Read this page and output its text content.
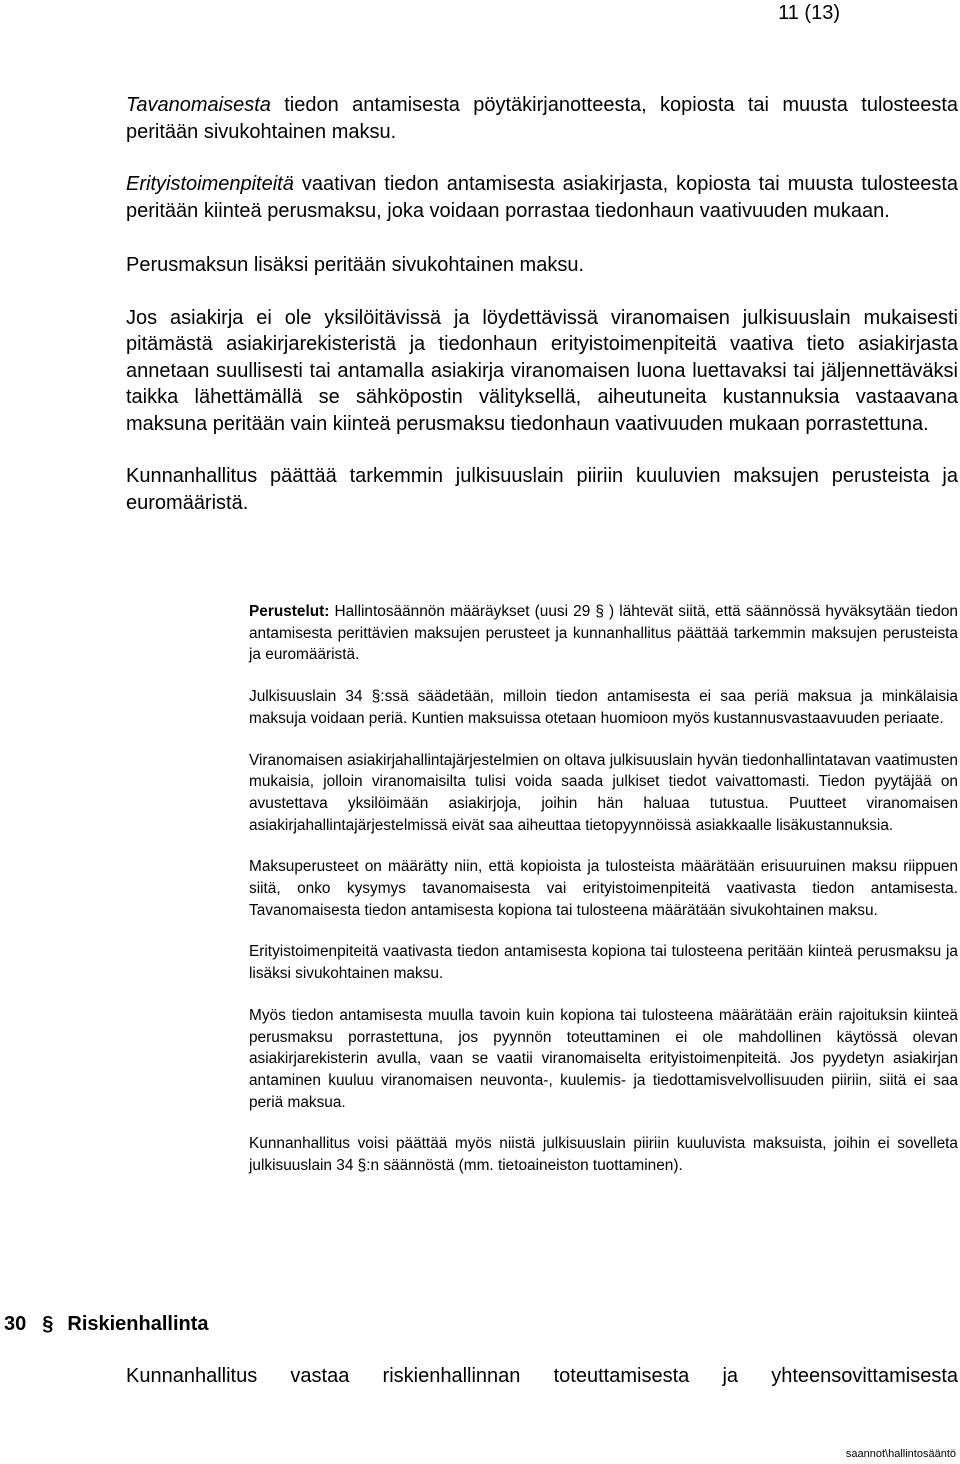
11 (13)

Tavanomaisesta tiedon antamisesta pöytäkirjanotteesta, kopiosta tai muusta tulosteesta peritään sivukohtainen maksu.

Erityistoimenpiteitä vaativan tiedon antamisesta asiakirjasta, kopiosta tai muusta tulosteesta peritään kiinteä perusmaksu, joka voidaan porrastaa tiedonhaun vaativuuden mukaan.

Perusmaksun lisäksi peritään sivukohtainen maksu.

Jos asiakirja ei ole yksilöitävissä ja löydettävissä viranomaisen julkisuuslain mukaisesti pitämästä asiakirjarekisteristä ja tiedonhaun erityistoimenpiteitä vaativa tieto asiakirjasta annetaan suullisesti tai antamalla asiakirja viranomaisen luona luettavaksi tai jäljennettäväksi taikka lähettämällä se sähköpostin välityksellä, aiheutuneita kustannuksia vastaavana maksuna peritään vain kiinteä perusmaksu tiedonhaun vaativuuden mukaan porrastettuna.

Kunnanhallitus päättää tarkemmin julkisuuslain piiriin kuuluvien maksujen perusteista ja euromääristä.

Perustelut: Hallintosäännön määräykset (uusi 29 § ) lähtevät siitä, että säännössä hyväksytään tiedon antamisesta perittävien maksujen perusteet ja kunnanhallitus päättää tarkemmin maksujen perusteista ja euromääristä.

Julkisuuslain 34 §:ssä säädetään, milloin tiedon antamisesta ei saa periä maksua ja minkälaisia maksuja voidaan periä. Kuntien maksuissa otetaan huomioon myös kustannusvastaavuuden periaate.

Viranomaisen asiakirjahallintajärjestelmien on oltava julkisuuslain hyvän tiedonhallintatavan vaatimusten mukaisia, jolloin viranomaisilta tulisi voida saada julkiset tiedot vaivattomasti. Tiedon pyytäjää on avustettava yksilöimään asiakirjoja, joihin hän haluaa tutustua. Puutteet viranomaisen asiakirjahallintajärjestelmissä eivät saa aiheuttaa tietopyynnöissä asiakkaalle lisäkustannuksia.

Maksuperusteet on määrätty niin, että kopioista ja tulosteista määrätään erisuuruinen maksu riippuen siitä, onko kysymys tavanomaisesta vai erityistoimenpiteitä vaativasta tiedon antamisesta. Tavanomaisesta tiedon antamisesta kopiona tai tulosteena määrätään sivukohtainen maksu.

Erityistoimenpiteitä vaativasta tiedon antamisesta kopiona tai tulosteena peritään kiinteä perusmaksu ja lisäksi sivukohtainen maksu.

Myös tiedon antamisesta muulla tavoin kuin kopiona tai tulosteena määrätään eräin rajoituksin kiinteä perusmaksu porrastettuna, jos pyynnön toteuttaminen ei ole mahdollinen käytössä olevan asiakirjarekisterin avulla, vaan se vaatii viranomaiselta erityistoimenpiteitä. Jos pyydetyn asiakirjan antaminen kuuluu viranomaisen neuvonta-, kuulemis- ja tiedottamisvelvollisuuden piiriin, siitä ei saa periä maksua.

Kunnanhallitus voisi päättää myös niistä julkisuuslain piiriin kuuluvista maksuista, joihin ei sovelleta julkisuuslain 34 §:n säännöstä (mm. tietoaineiston tuottaminen).

30 § Riskienhallinta
Kunnanhallitus vastaa riskienhallinnan toteuttamisesta ja yhteensovittamisesta
saannot\hallintosääntö
